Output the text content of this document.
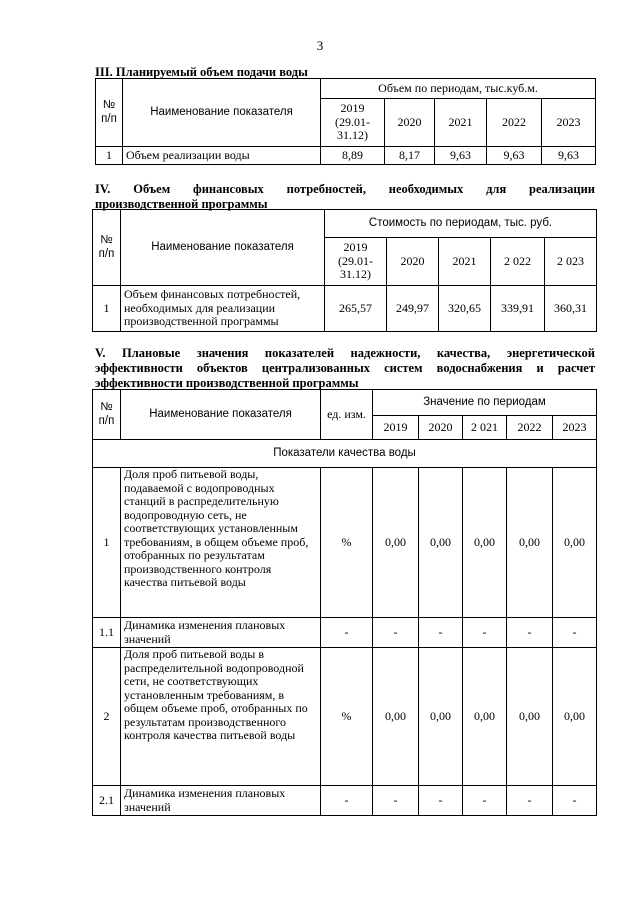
3
III. Планируемый объем подачи воды
№ п/п	Наименование показателя	Объем по периодам, тыс.куб.м.				
		2019 (29.01-31.12)	2020	2021	2022	2023
1	Объем реализации воды	8,89	8,17	9,63	9,63	9,63
IV. Объем финансовых потребностей, необходимых для реализации
производственной программы
№ п/п	Наименование показателя	Стоимость по периодам, тыс. руб.				
		2019 (29.01-31.12)	2020	2021	2 022	2 023
1	Объем финансовых потребностей, необходимых для реализации производственной программы	265,57	249,97	320,65	339,91	360,31
V. Плановые значения показателей надежности, качества, энергетической
эффективности объектов централизованных систем водоснабжения и расчет
эффективности производственной программы
№ п/п	Наименование показателя	ед. изм.	Значение по периодам				
			2019	2020	2 021	2022	2023
Показатели качества воды							
1	Доля проб питьевой воды, подаваемой с водопроводных станций в распределительную водопроводную сеть, не соответствующих установленным требованиям, в общем объеме проб, отобранных по результатам производственного контроля качества питьевой воды	%	0,00	0,00	0,00	0,00	0,00
1.1	Динамика изменения плановых значений	-	-	-	-	-	-
2	Доля проб питьевой воды в распределительной водопроводной сети, не соответствующих установленным требованиям, в общем объеме проб, отобранных по результатам производственного контроля качества питьевой воды	%	0,00	0,00	0,00	0,00	0,00
2.1	Динамика изменения плановых значений	-	-	-	-	-	-
